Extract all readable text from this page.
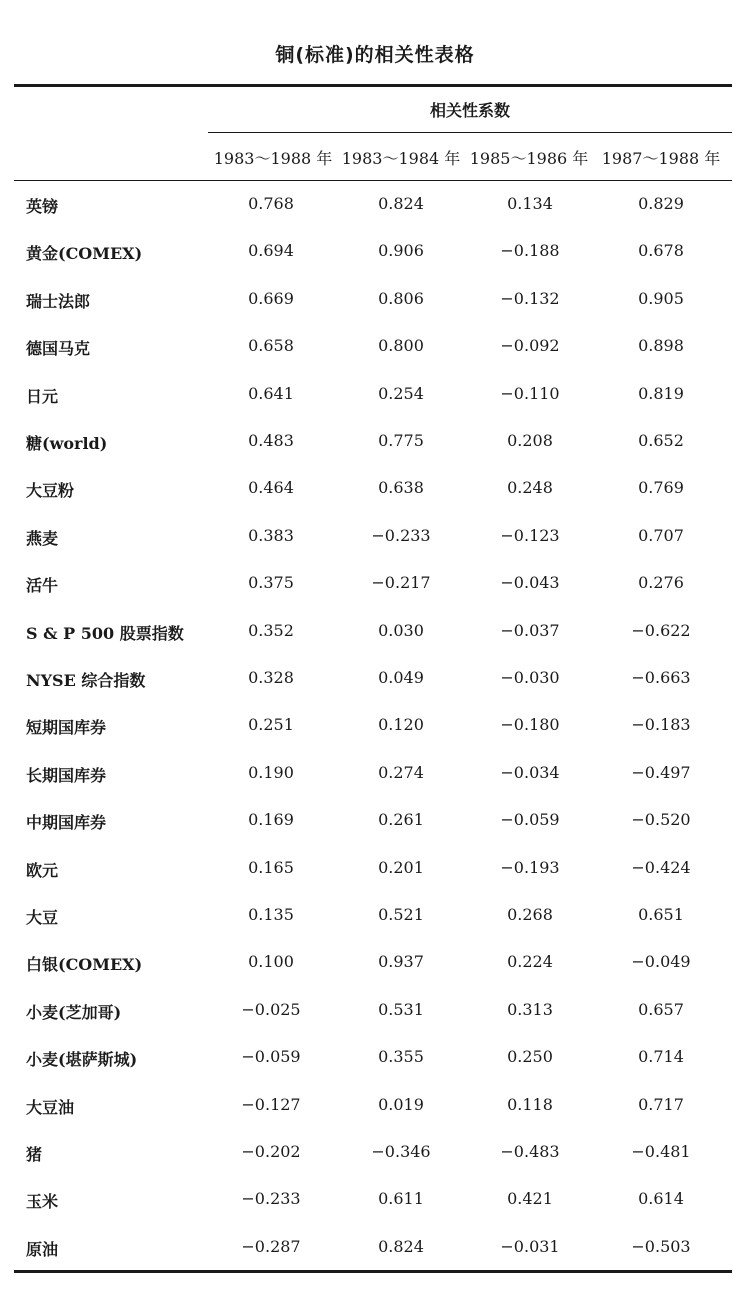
铜(标准)的相关性表格
相关性系数
1983～1988 年 1983～1984 年 1985～1986 年 1987～1988 年
英镑	0.768	0.824	0.134	0.829
黄金(COMEX)	0.694	0.906	−0.188	0.678
瑞士法郎	0.669	0.806	−0.132	0.905
德国马克	0.658	0.800	−0.092	0.898
日元	0.641	0.254	−0.110	0.819
糖(world)	0.483	0.775	0.208	0.652
大豆粉	0.464	0.638	0.248	0.769
燕麦	0.383	−0.233	−0.123	0.707
活牛	0.375	−0.217	−0.043	0.276
S & P 500 股票指数	0.352	0.030	−0.037	−0.622
NYSE 综合指数	0.328	0.049	−0.030	−0.663
短期国库券	0.251	0.120	−0.180	−0.183
长期国库券	0.190	0.274	−0.034	−0.497
中期国库券	0.169	0.261	−0.059	−0.520
欧元	0.165	0.201	−0.193	−0.424
大豆	0.135	0.521	0.268	0.651
白银(COMEX)	0.100	0.937	0.224	−0.049
小麦(芝加哥)	−0.025	0.531	0.313	0.657
小麦(堪萨斯城)	−0.059	0.355	0.250	0.714
大豆油	−0.127	0.019	0.118	0.717
猪	−0.202	−0.346	−0.483	−0.481
玉米	−0.233	0.611	0.421	0.614
原油	−0.287	0.824	−0.031	−0.503
